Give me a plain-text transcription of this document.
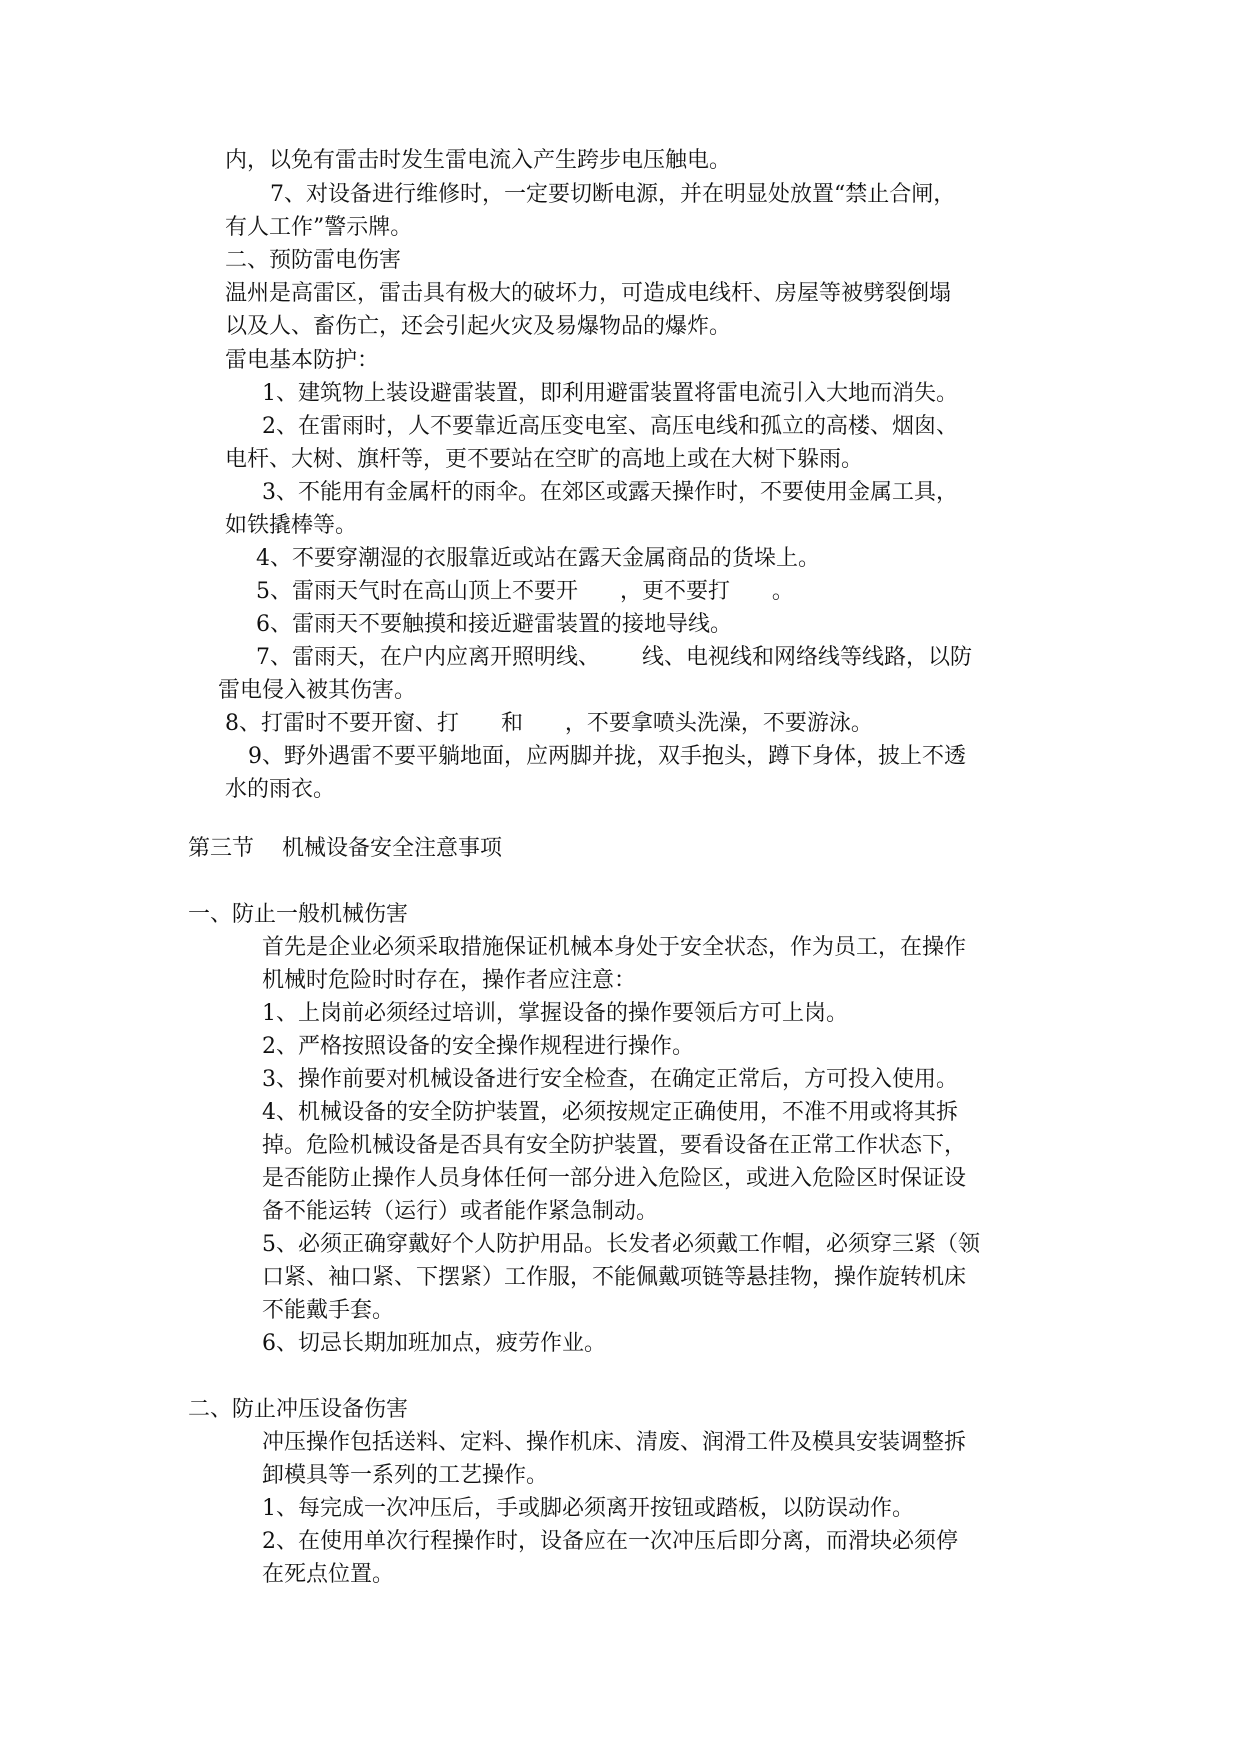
内，以免有雷击时发生雷电流入产生跨步电压触电。
7、对设备进行维修时，一定要切断电源，并在明显处放置“禁止合闸，
有人工作”警示牌。
二、预防雷电伤害
温州是高雷区，雷击具有极大的破坏力，可造成电线杆、房屋等被劈裂倒塌
以及人、畜伤亡，还会引起火灾及易爆物品的爆炸。
雷电基本防护：
1、建筑物上装设避雷装置，即利用避雷装置将雷电流引入大地而消失。
2、在雷雨时，人不要靠近高压变电室、高压电线和孤立的高楼、烟囱、
电杆、大树、旗杆等，更不要站在空旷的高地上或在大树下躲雨。
3、不能用有金属杆的雨伞。在郊区或露天操作时，不要使用金属工具，
如铁撬棒等。
4、不要穿潮湿的衣服靠近或站在露天金属商品的货垛上。
5、雷雨天气时在高山顶上不要开      ，更不要打      。
6、雷雨天不要触摸和接近避雷装置的接地导线。
7、雷雨天，在户内应离开照明线、      线、电视线和网络线等线路，以防
雷电侵入被其伤害。
8、打雷时不要开窗、打      和      ，不要拿喷头洗澡，不要游泳。
9、野外遇雷不要平躺地面，应两脚并拢，双手抱头，蹲下身体，披上不透
水的雨衣。
第三节    机械设备安全注意事项
一、防止一般机械伤害
首先是企业必须采取措施保证机械本身处于安全状态，作为员工，在操作
机械时危险时时存在，操作者应注意：
1、上岗前必须经过培训，掌握设备的操作要领后方可上岗。
2、严格按照设备的安全操作规程进行操作。
3、操作前要对机械设备进行安全检查，在确定正常后，方可投入使用。
4、机械设备的安全防护装置，必须按规定正确使用，不准不用或将其拆
掉。危险机械设备是否具有安全防护装置，要看设备在正常工作状态下，
是否能防止操作人员身体任何一部分进入危险区，或进入危险区时保证设
备不能运转（运行）或者能作紧急制动。
5、必须正确穿戴好个人防护用品。长发者必须戴工作帽，必须穿三紧（领
口紧、袖口紧、下摆紧）工作服，不能佩戴项链等悬挂物，操作旋转机床
不能戴手套。
6、切忌长期加班加点，疲劳作业。
二、防止冲压设备伤害
冲压操作包括送料、定料、操作机床、清废、润滑工件及模具安装调整拆
卸模具等一系列的工艺操作。
1、每完成一次冲压后，手或脚必须离开按钮或踏板，以防误动作。
2、在使用单次行程操作时，设备应在一次冲压后即分离，而滑块必须停
在死点位置。
